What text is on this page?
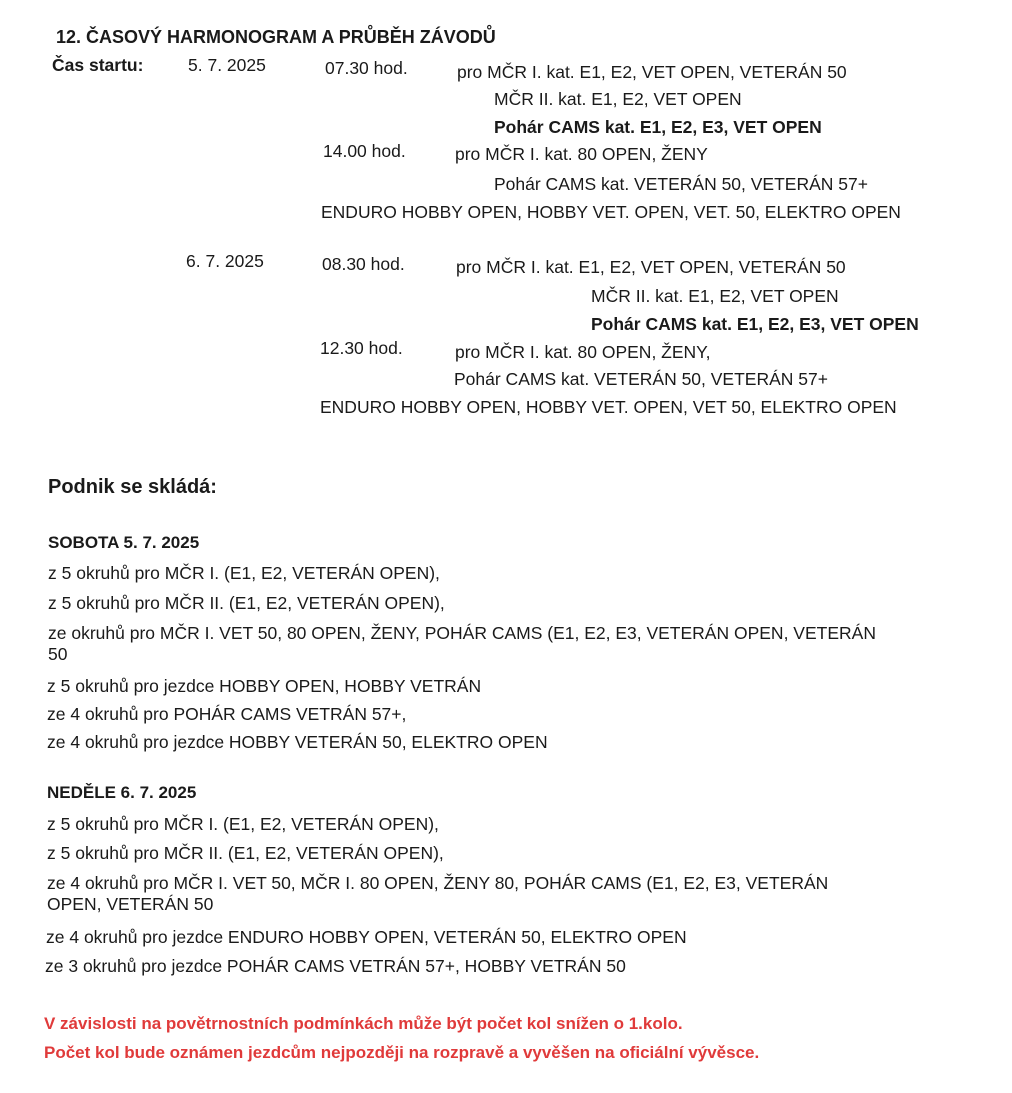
12. ČASOVÝ HARMONOGRAM A PRŮBĚH ZÁVODŮ
Čas startu:	5. 7. 2025	07.30 hod.	pro MČR I. kat. E1, E2, VET OPEN, VETERÁN 50
MČR II. kat. E1, E2, VET OPEN
Pohár CAMS kat. E1, E2, E3, VET OPEN
14.00 hod.	pro MČR I. kat. 80 OPEN, ŽENY
Pohár CAMS kat. VETERÁN 50, VETERÁN 57+
ENDURO HOBBY OPEN, HOBBY VET. OPEN, VET. 50, ELEKTRO OPEN
6. 7. 2025	08.30 hod.	pro MČR I. kat. E1, E2, VET OPEN, VETERÁN 50
MČR II. kat. E1, E2, VET OPEN
Pohár CAMS kat. E1, E2, E3, VET OPEN
12.30 hod.	pro MČR I. kat. 80 OPEN, ŽENY,
Pohár CAMS kat. VETERÁN 50, VETERÁN 57+
ENDURO HOBBY OPEN, HOBBY VET. OPEN, VET 50, ELEKTRO OPEN
Podnik se skládá:
SOBOTA 5. 7. 2025
z 5 okruhů pro MČR I. (E1, E2, VETERÁN OPEN),
z 5 okruhů pro MČR II. (E1, E2, VETERÁN OPEN),
ze okruhů pro MČR I. VET 50, 80 OPEN, ŽENY, POHÁR CAMS (E1, E2, E3, VETERÁN OPEN, VETERÁN
50
z 5 okruhů pro jezdce HOBBY OPEN, HOBBY VETRÁN
ze 4 okruhů pro POHÁR CAMS VETRÁN 57+,
ze 4 okruhů pro jezdce HOBBY VETERÁN 50, ELEKTRO OPEN
NEDĚLE 6. 7. 2025
z 5 okruhů pro MČR I. (E1, E2, VETERÁN OPEN),
z 5 okruhů pro MČR II. (E1, E2, VETERÁN OPEN),
ze 4 okruhů pro MČR I. VET 50, MČR I. 80 OPEN, ŽENY 80, POHÁR CAMS (E1, E2, E3, VETERÁN
OPEN, VETERÁN 50
ze 4 okruhů pro jezdce ENDURO HOBBY OPEN, VETERÁN 50, ELEKTRO OPEN
ze 3 okruhů pro jezdce POHÁR CAMS VETRÁN 57+, HOBBY VETRÁN 50
V závislosti na povětrnostních podmínkách může být počet kol snížen o 1.kolo.
Počet kol bude oznámen jezdcům nejpozději na rozpravě a vyvěšen na oficiální vývěsce.
